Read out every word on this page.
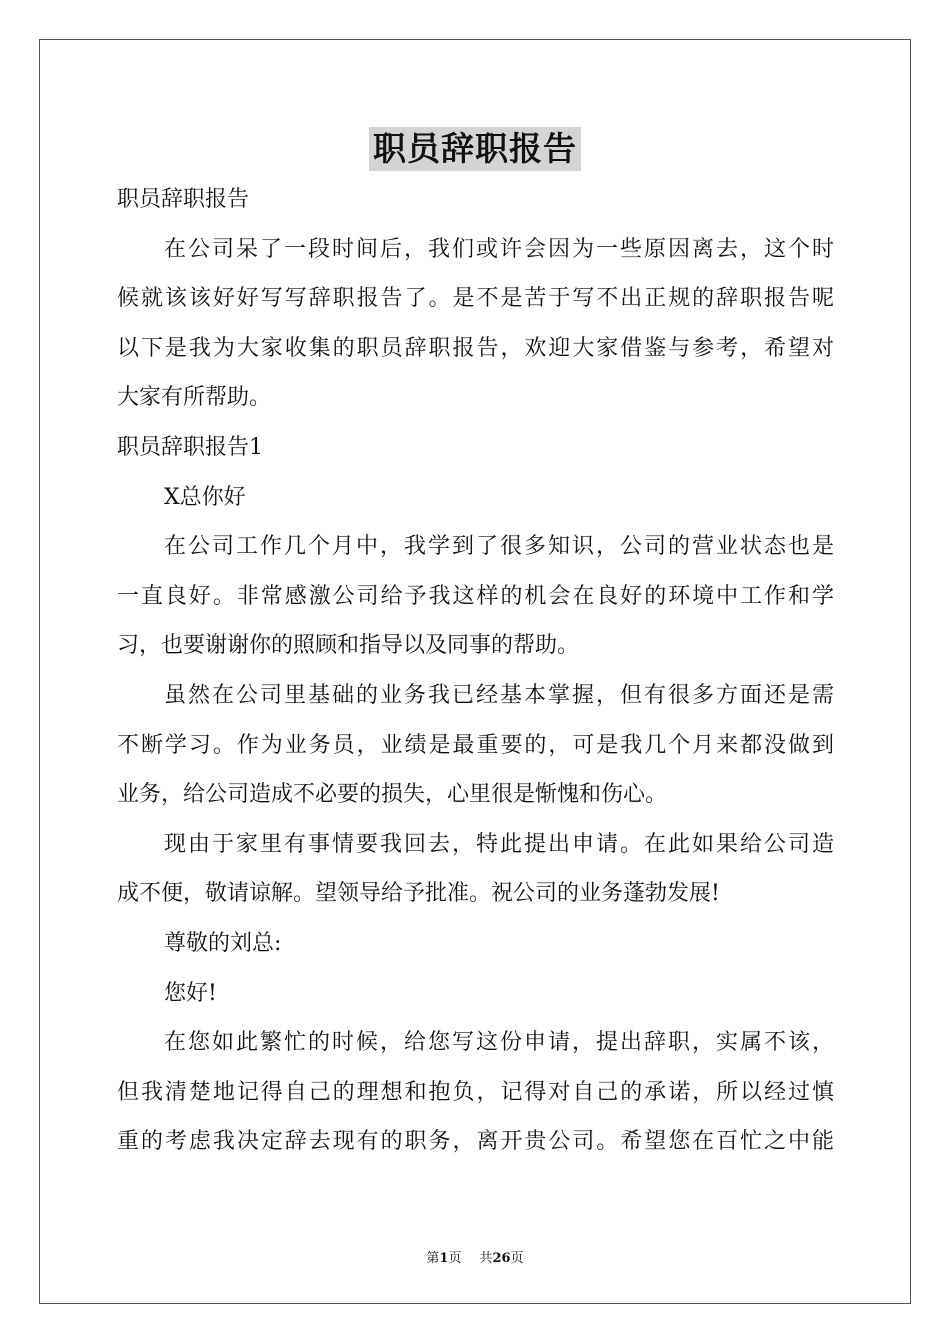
职员辞职报告
职员辞职报告
在公司呆了一段时间后，我们或许会因为一些原因离去，这个时
候就该该好好写写辞职报告了。是不是苦于写不出正规的辞职报告呢
以下是我为大家收集的职员辞职报告，欢迎大家借鉴与参考，希望对
大家有所帮助。
职员辞职报告1
X总你好
在公司工作几个月中，我学到了很多知识，公司的营业状态也是
一直良好。非常感激公司给予我这样的机会在良好的环境中工作和学
习，也要谢谢你的照顾和指导以及同事的帮助。
虽然在公司里基础的业务我已经基本掌握，但有很多方面还是需
不断学习。作为业务员，业绩是最重要的，可是我几个月来都没做到
业务，给公司造成不必要的损失，心里很是惭愧和伤心。
现由于家里有事情要我回去，特此提出申请。在此如果给公司造
成不便，敬请谅解。望领导给予批准。祝公司的业务蓬勃发展!
尊敬的刘总:
您好!
在您如此繁忙的时候，给您写这份申请，提出辞职，实属不该，
但我清楚地记得自己的理想和抱负，记得对自己的承诺，所以经过慎
重的考虑我决定辞去现有的职务，离开贵公司。希望您在百忙之中能
第1页 共26页
